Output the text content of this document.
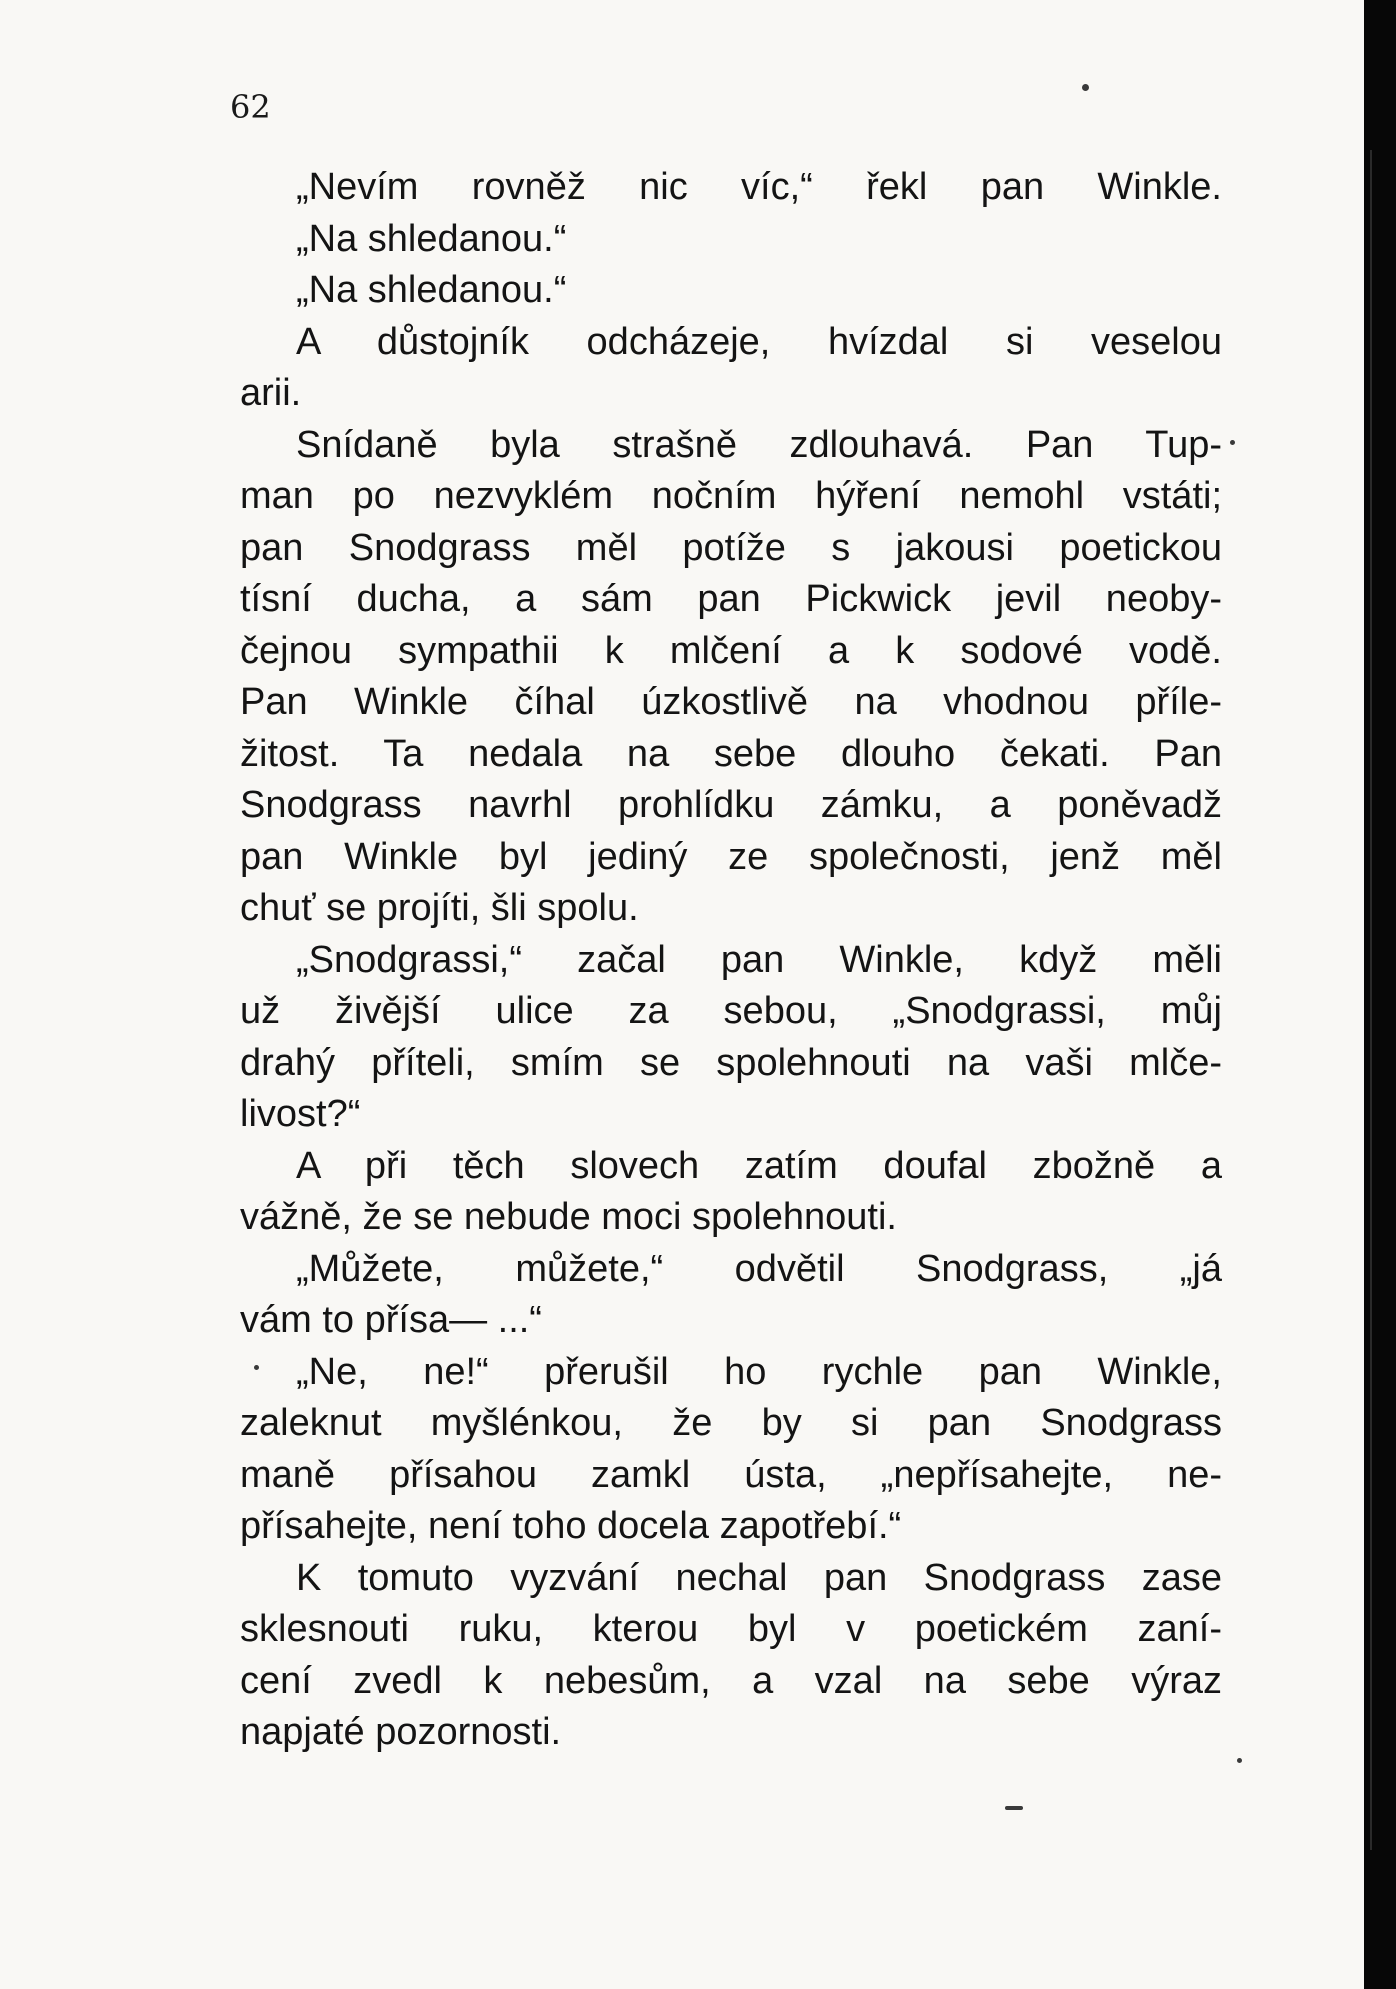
62
„Nevím rovněž nic víc,“ řekl pan Winkle.
„Na shledanou.“
„Na shledanou.“
A důstojník odcházeje, hvízdal si veselou
arii.
Snídaně byla strašně zdlouhavá. Pan Tup-
man po nezvyklém nočním hýření nemohl vstáti;
pan Snodgrass měl potíže s jakousi poetickou
tísní ducha, a sám pan Pickwick jevil neoby-
čejnou sympathii k mlčení a k sodové vodě.
Pan Winkle číhal úzkostlivě na vhodnou příle-
žitost. Ta nedala na sebe dlouho čekati. Pan
Snodgrass navrhl prohlídku zámku, a poněvadž
pan Winkle byl jediný ze společnosti, jenž měl
chuť se projíti, šli spolu.
„Snodgrassi,“ začal pan Winkle, když měli
už živější ulice za sebou, „Snodgrassi, můj
drahý příteli, smím se spolehnouti na vaši mlče-
livost?“
A při těch slovech zatím doufal zbožně a
vážně, že se nebude moci spolehnouti.
„Můžete, můžete,“ odvětil Snodgrass, „já
vám to přísa— ...“
„Ne, ne!“ přerušil ho rychle pan Winkle,
zaleknut myšlénkou, že by si pan Snodgrass
maně přísahou zamkl ústa, „nepřísahejte, ne-
přísahejte, není toho docela zapotřebí.“
K tomuto vyzvání nechal pan Snodgrass zase
sklesnouti ruku, kterou byl v poetickém zaní-
cení zvedl k nebesům, a vzal na sebe výraz
napjaté pozornosti.
